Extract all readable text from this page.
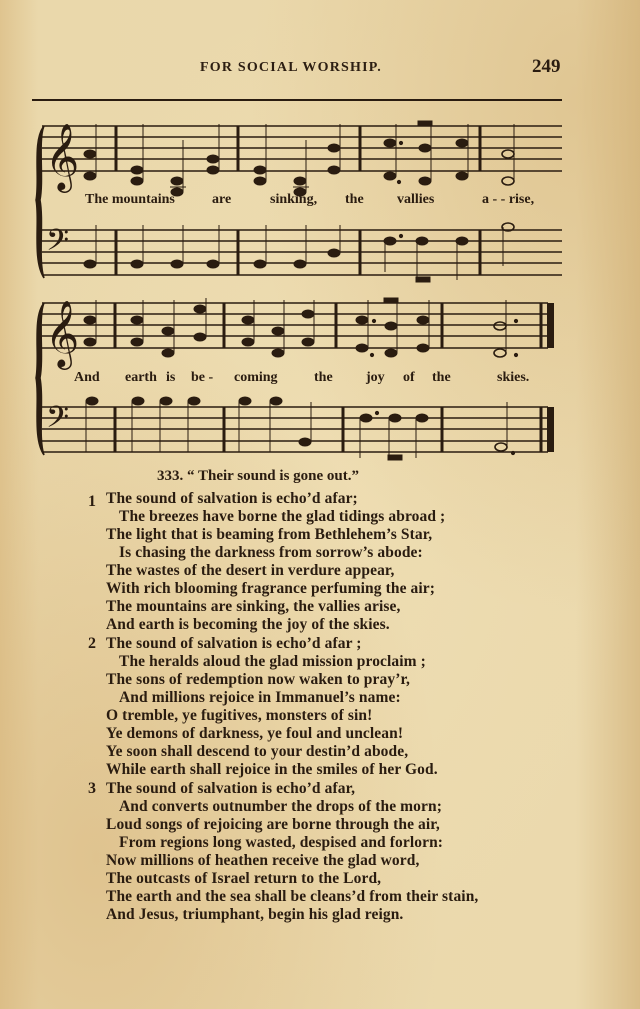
FOR SOCIAL WORSHIP.	249
𝄞
𝄢
𝄞
𝄢
The mountains	are	sinking, the vallies	a - - rise,
And earth is be - coming	the joy of the	skies.
333. “ Their sound is gone out.”
1 The sound of salvation is echo’d afar;
The breezes have borne the glad tidings abroad ;
The light that is beaming from Bethlehem’s Star,
Is chasing the darkness from sorrow’s abode:
The wastes of the desert in verdure appear,
With rich blooming fragrance perfuming the air;
The mountains are sinking, the vallies arise,
And earth is becoming the joy of the skies.
2 The sound of salvation is echo’d afar ;
The heralds aloud the glad mission proclaim ;
The sons of redemption now waken to pray’r,
And millions rejoice in Immanuel’s name:
O tremble, ye fugitives, monsters of sin!
Ye demons of darkness, ye foul and unclean!
Ye soon shall descend to your destin’d abode,
While earth shall rejoice in the smiles of her God.
3 The sound of salvation is echo’d afar,
And converts outnumber the drops of the morn;
Loud songs of rejoicing are borne through the air,
From regions long wasted, despised and forlorn:
Now millions of heathen receive the glad word,
The outcasts of Israel return to the Lord,
The earth and the sea shall be cleans’d from their stain,
And Jesus, triumphant, begin his glad reign.
